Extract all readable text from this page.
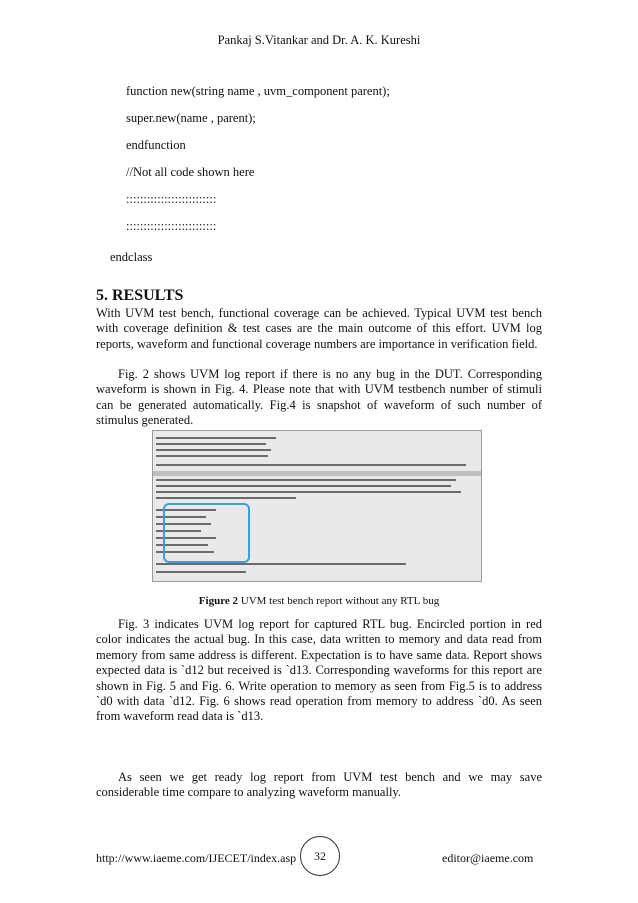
Pankaj S.Vitankar and Dr. A. K. Kureshi
function new(string name , uvm_component parent);
super.new(name , parent);
endfunction
//Not all code shown here
::::::::::::::::::::::::::
::::::::::::::::::::::::::
endclass
5. RESULTS

With UVM test bench, functional coverage can be achieved. Typical UVM test bench with coverage definition & test cases are the main outcome of this effort. UVM log reports, waveform and functional coverage numbers are importance in verification field.

Fig. 2 shows UVM log report if there is no any bug in the DUT. Corresponding waveform is shown in Fig. 4. Please note that with UVM testbench number of stimuli can be generated automatically. Fig.4 is snapshot of waveform of such number of stimulus generated.

Figure 2 UVM test bench report without any RTL bug

Fig. 3 indicates UVM log report for captured RTL bug. Encircled portion in red color indicates the actual bug. In this case, data written to memory and data read from memory from same address is different. Expectation is to have same data. Report shows expected data is `d12 but received is `d13. Corresponding waveforms for this report are shown in Fig. 5 and Fig. 6. Write operation to memory as seen from Fig.5 is to address `d0 with data `d12. Fig. 6 shows read operation from memory to address `d0. As seen from waveform read data is `d13.

As seen we get ready log report from UVM test bench and we may save considerable time compare to analyzing waveform manually.

http://www.iaeme.com/IJECET/index.asp	32	editor@iaeme.com
